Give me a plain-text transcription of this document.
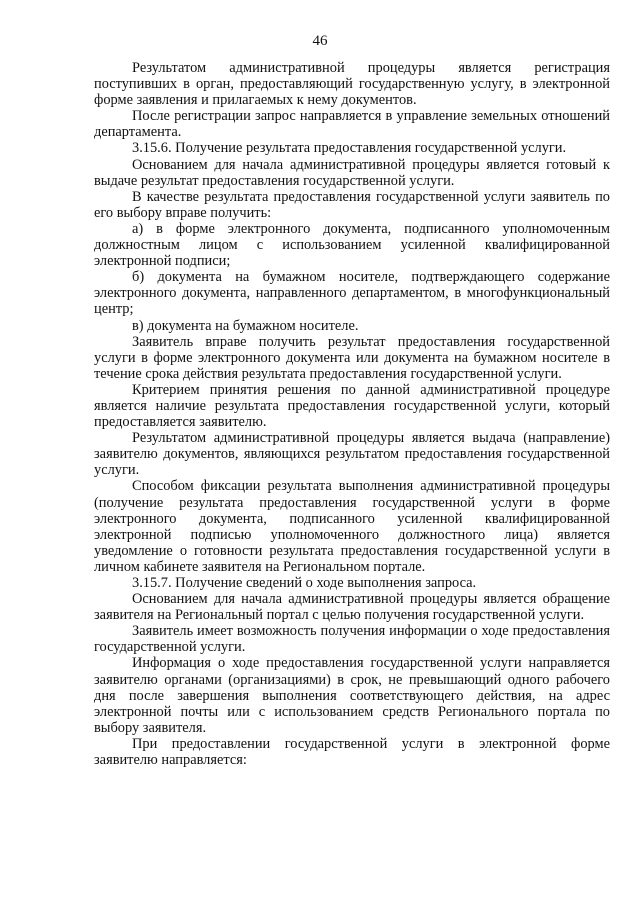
46

Результатом административной процедуры является регистрация поступивших в орган, предоставляющий государственную услугу, в электронной форме заявления и прилагаемых к нему документов.

После регистрации запрос направляется в управление земельных отношений департамента.

3.15.6. Получение результата предоставления государственной услуги.

Основанием для начала административной процедуры является готовый к выдаче результат предоставления государственной услуги.

В качестве результата предоставления государственной услуги заявитель по его выбору вправе получить:

а) в форме электронного документа, подписанного уполномоченным должностным лицом с использованием усиленной квалифицированной электронной подписи;

б) документа на бумажном носителе, подтверждающего содержание электронного документа, направленного департаментом, в многофункциональный центр;

в) документа на бумажном носителе.

Заявитель вправе получить результат предоставления государственной услуги в форме электронного документа или документа на бумажном носителе в течение срока действия результата предоставления государственной услуги.

Критерием принятия решения по данной административной процедуре является наличие результата предоставления государственной услуги, который предоставляется заявителю.

Результатом административной процедуры является выдача (направление) заявителю документов, являющихся результатом предоставления государственной услуги.

Способом фиксации результата выполнения административной процедуры (получение результата предоставления государственной услуги в форме электронного документа, подписанного усиленной квалифицированной электронной подписью уполномоченного должностного лица) является уведомление о готовности результата предоставления государственной услуги в личном кабинете заявителя на Региональном портале.

3.15.7. Получение сведений о ходе выполнения запроса.

Основанием для начала административной процедуры является обращение заявителя на Региональный портал с целью получения государственной услуги.

Заявитель имеет возможность получения информации о ходе предоставления государственной услуги.

Информация о ходе предоставления государственной услуги направляется заявителю органами (организациями) в срок, не превышающий одного рабочего дня после завершения выполнения соответствующего действия, на адрес электронной почты или с использованием средств Регионального портала по выбору заявителя.

При предоставлении государственной услуги в электронной форме заявителю направляется:
